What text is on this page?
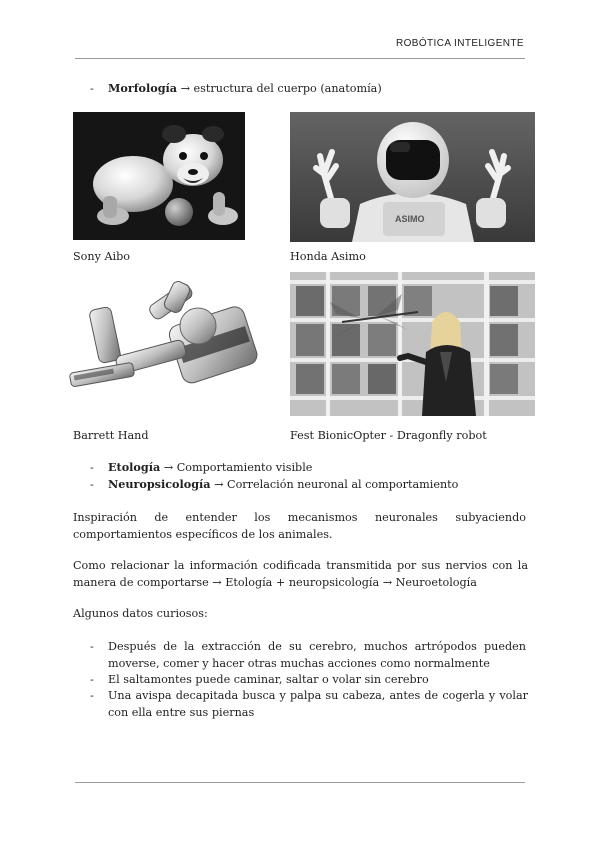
ROBÓTICA INTELIGENTE
- Morfología → estructura del cuerpo (anatomía)
ASIMO
Sony Aibo	Honda Asimo
Barrett Hand	Fest BionicOpter - Dragonfly robot
- Etología → Comportamiento visible
- Neuropsicología → Correlación neuronal al comportamiento
Inspiración de entender los mecanismos neuronales subyaciendo comportamientos específicos de los animales.
Como relacionar la información codificada transmitida por sus nervios con la manera de comportarse → Etología + neuropsicología → Neuroetología
Algunos datos curiosos:
- Después de la extracción de su cerebro, muchos artrópodos pueden moverse, comer y hacer otras muchas acciones como normalmente
- El saltamontes puede caminar, saltar o volar sin cerebro
- Una avispa decapitada busca y palpa su cabeza, antes de cogerla y volar con ella entre sus piernas
